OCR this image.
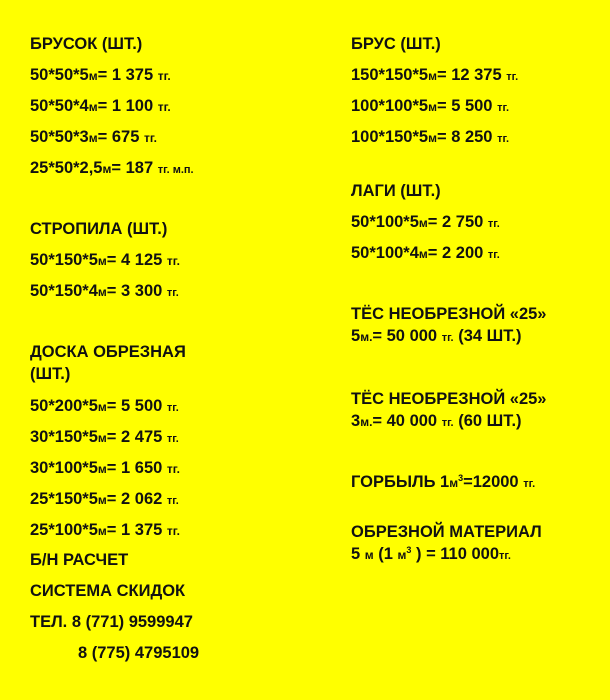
БРУСОК (ШТ.)
50*50*5м= 1 375 тг.
50*50*4м= 1 100 тг.
50*50*3м= 675 тг.
25*50*2,5м= 187 тг. м.п.
СТРОПИЛА (ШТ.)
50*150*5м= 4 125 тг.
50*150*4м= 3 300 тг.
ДОСКА ОБРЕЗНАЯ
(ШТ.)
50*200*5м= 5 500 тг.
30*150*5м= 2 475 тг.
30*100*5м= 1 650 тг.
25*150*5м= 2 062 тг.
25*100*5м= 1 375 тг.
Б/Н РАСЧЕТ
СИСТЕМА СКИДОК
ТЕЛ. 8 (771) 9599947
8 (775) 4795109
БРУС (ШТ.)
150*150*5м= 12 375 тг.
100*100*5м= 5 500 тг.
100*150*5м= 8 250 тг.
ЛАГИ (ШТ.)
50*100*5м= 2 750 тг.
50*100*4м= 2 200 тг.
ТЁС НЕОБРЕЗНОЙ «25»
5м.= 50 000 тг. (34 ШТ.)
ТЁС НЕОБРЕЗНОЙ «25»
3м.= 40 000 тг. (60 ШТ.)
ГОРБЫЛЬ $1м^3=12000$ тг.
ОБРЕЗНОЙ МАТЕРИАЛ
5 м (1 $м^3$ ) = 110 000тг.
